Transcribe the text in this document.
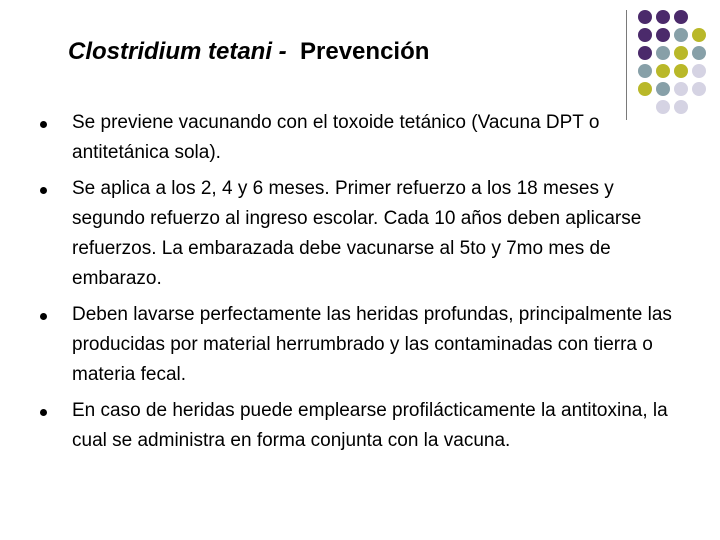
Clostridium tetani - Prevención
Se previene vacunando con el toxoide tetánico (Vacuna DPT o antitetánica sola).
Se aplica a los 2, 4 y 6 meses. Primer refuerzo a los 18 meses y segundo refuerzo al ingreso escolar. Cada 10 años deben aplicarse refuerzos. La embarazada debe vacunarse al 5to y 7mo mes de embarazo.
Deben lavarse perfectamente las heridas profundas, principalmente las producidas por material herrumbrado y las contaminadas con tierra o materia fecal.
En caso de heridas puede emplearse profilácticamente la antitoxina, la cual se administra en forma conjunta con la vacuna.
